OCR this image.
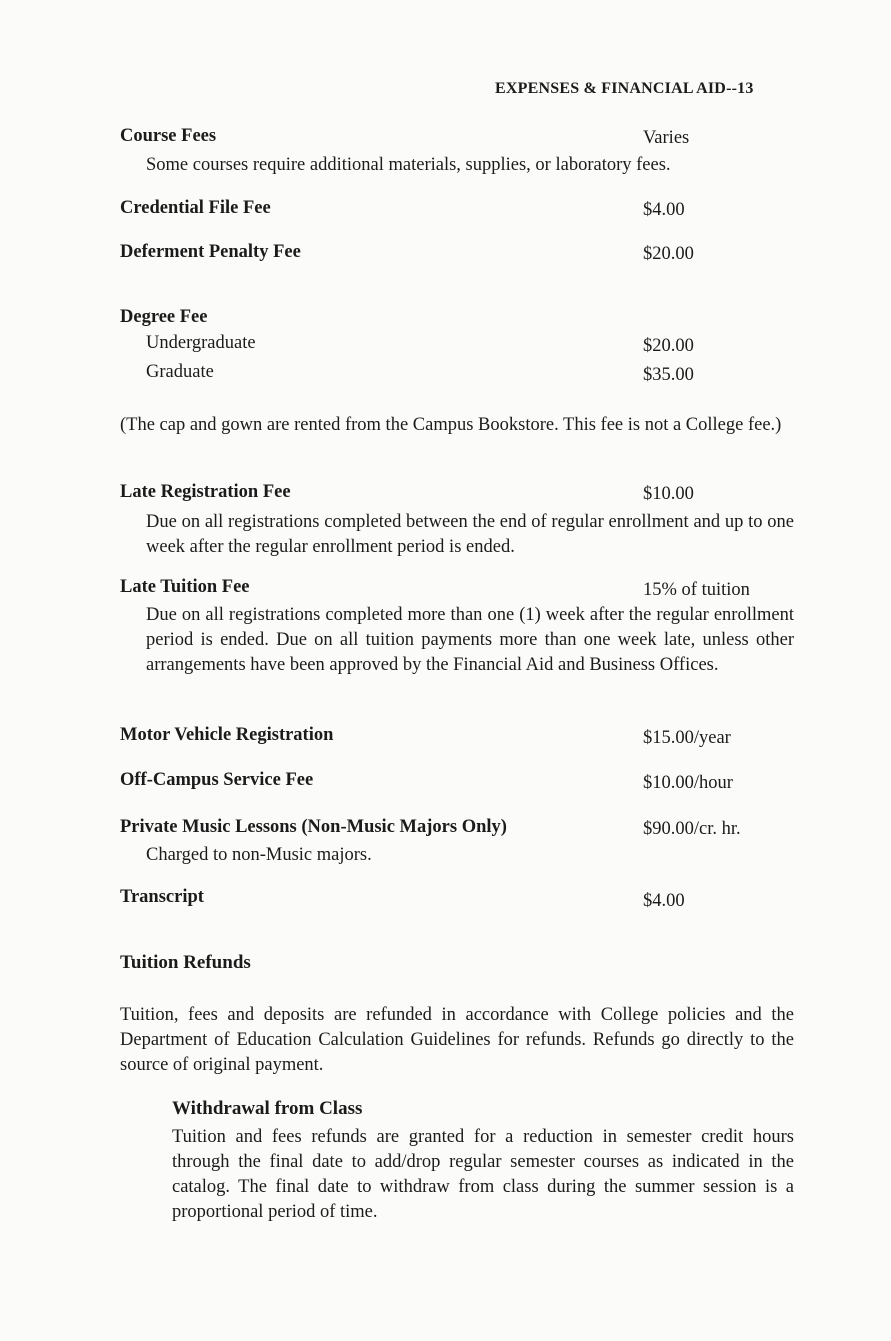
EXPENSES & FINANCIAL AID--13
Course Fees	Varies
Some courses require additional materials, supplies, or laboratory fees.
Credential File Fee	$4.00
Deferment Penalty Fee	$20.00
Degree Fee
Undergraduate	$20.00
Graduate	$35.00
(The cap and gown are rented from the Campus Bookstore. This fee is not a College fee.)
Late Registration Fee	$10.00
Due on all registrations completed between the end of regular enrollment and up to one week after the regular enrollment period is ended.
Late Tuition Fee	15% of tuition
Due on all registrations completed more than one (1) week after the regular enrollment period is ended. Due on all tuition payments more than one week late, unless other arrangements have been approved by the Financial Aid and Business Offices.
Motor Vehicle Registration	$15.00/year
Off-Campus Service Fee	$10.00/hour
Private Music Lessons (Non-Music Majors Only)	$90.00/cr. hr.
Charged to non-Music majors.
Transcript	$4.00
Tuition Refunds
Tuition, fees and deposits are refunded in accordance with College policies and the Department of Education Calculation Guidelines for refunds. Refunds go directly to the source of original payment.
Withdrawal from Class
Tuition and fees refunds are granted for a reduction in semester credit hours through the final date to add/drop regular semester courses as indicated in the catalog. The final date to withdraw from class during the summer session is a proportional period of time.
